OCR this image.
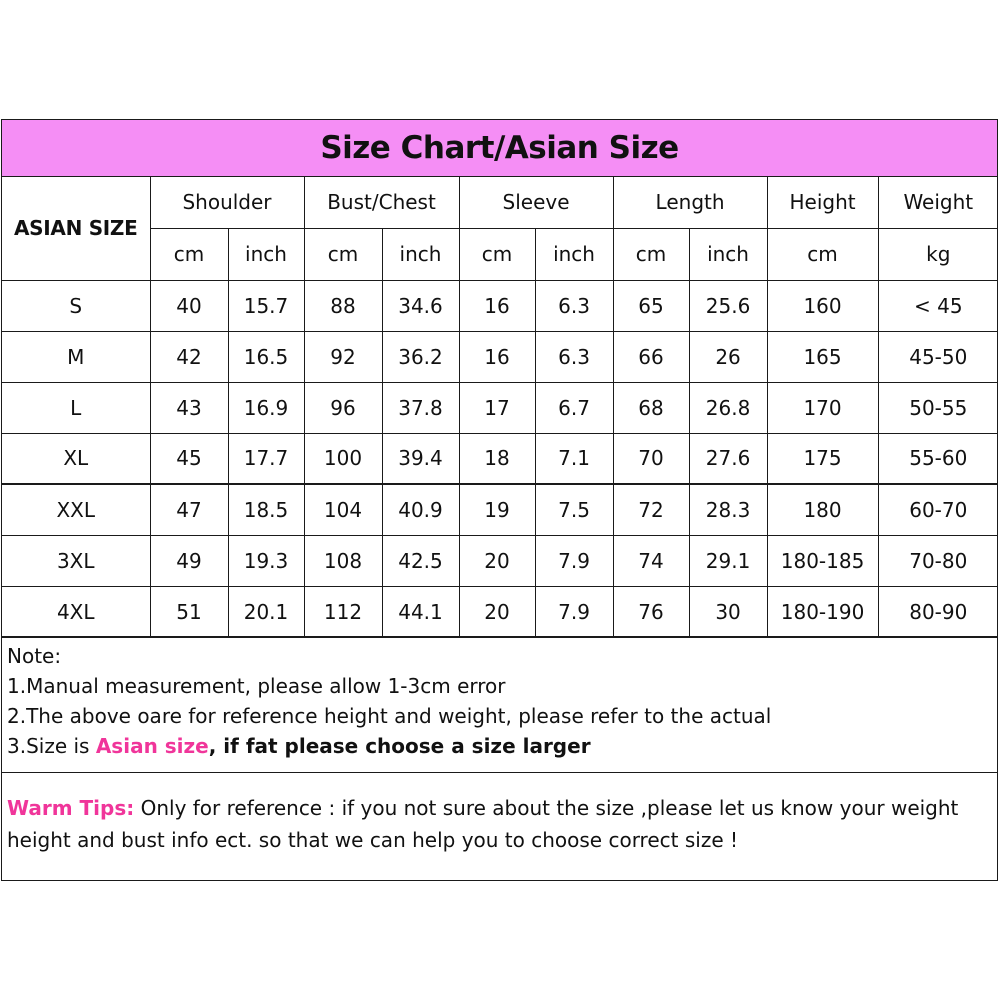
Size Chart/Asian Size
ASIAN SIZE	Shoulder		Bust/Chest		Sleeve		Length		Height	Weight
	cm	inch	cm	inch	cm	inch	cm	inch	cm	kg
S	40	15.7	88	34.6	16	6.3	65	25.6	160	< 45
M	42	16.5	92	36.2	16	6.3	66	26	165	45-50
L	43	16.9	96	37.8	17	6.7	68	26.8	170	50-55
XL	45	17.7	100	39.4	18	7.1	70	27.6	175	55-60
XXL	47	18.5	104	40.9	19	7.5	72	28.3	180	60-70
3XL	49	19.3	108	42.5	20	7.9	74	29.1	180-185	70-80
4XL	51	20.1	112	44.1	20	7.9	76	30	180-190	80-90
Note:
1.Manual measurement, please allow 1-3cm error
2.The above oare for reference height and weight, please refer to the actual
3.Size is Asian size, if fat please choose a size larger
Warm Tips: Only for reference : if you not sure about the size ,please let us know your weight height and bust info ect. so that we can help you to choose correct size !
